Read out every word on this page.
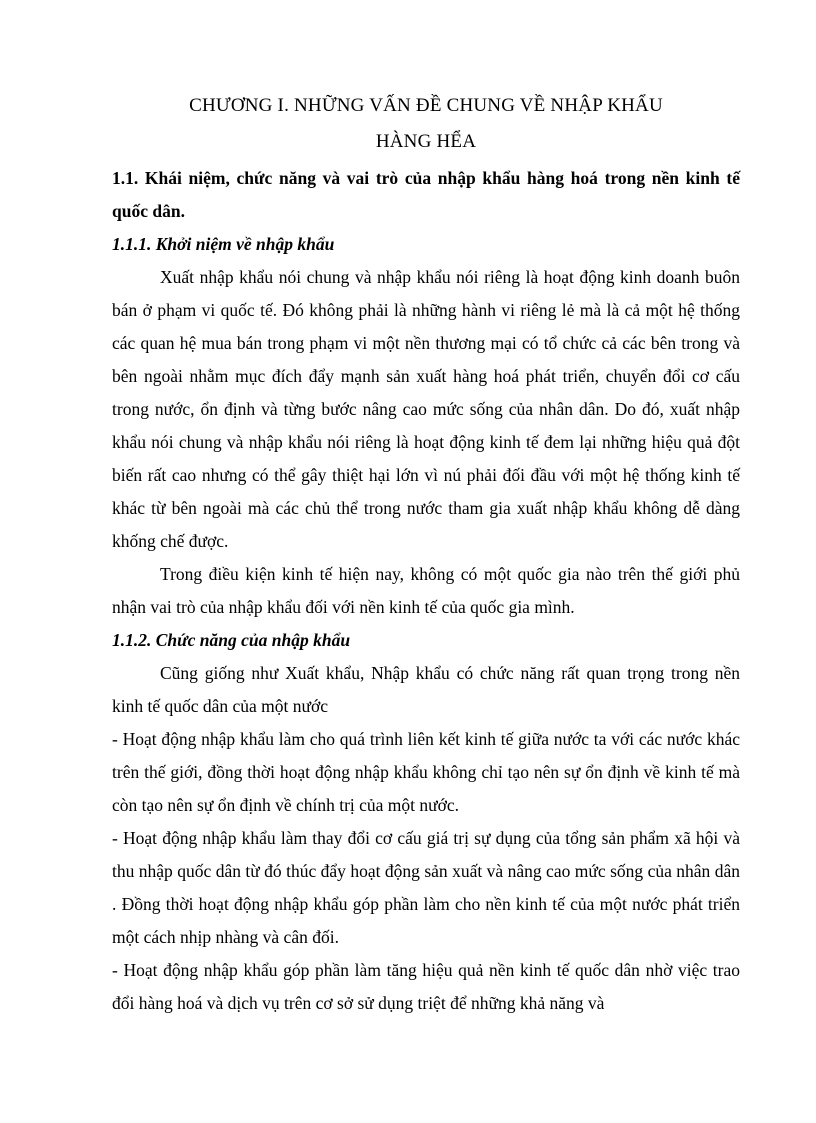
CHƯƠNG I. NHỮNG VẤN ĐỀ CHUNG VỀ NHẬP KHẨU

HÀNG HỂA

1.1. Khái niệm, chức năng và vai trò của nhập khẩu hàng hoá trong nền kinh tế quốc dân.

1.1.1. Khởi niệm về nhập khẩu

Xuất nhập khẩu nói chung và nhập khẩu nói riêng là hoạt động kinh doanh buôn bán ở phạm vi quốc tế. Đó không phải là những hành vi riêng lẻ mà là cả một hệ thống các quan hệ mua bán trong phạm vi một nền thương mại có tổ chức cả các bên trong và bên ngoài nhằm mục đích đẩy mạnh sản xuất hàng hoá phát triển, chuyển đổi cơ cấu trong nước, ổn định và từng bước nâng cao mức sống của nhân dân. Do đó, xuất nhập khẩu nói chung và nhập khẩu nói riêng là hoạt động kinh tế đem lại những hiệu quả đột biến rất cao nhưng có thể gây thiệt hại lớn vì nú phải đối đầu với một hệ thống kinh tế khác từ bên ngoài mà các chủ thể trong nước tham gia xuất nhập khẩu không dễ dàng khống chế được.

Trong điều kiện kinh tế hiện nay, không có một quốc gia nào trên thế giới phủ nhận vai trò của nhập khẩu đối với nền kinh tế của quốc gia mình.

1.1.2. Chức năng của nhập khẩu

Cũng giống như Xuất khẩu, Nhập khẩu có chức năng rất quan trọng trong nền kinh tế quốc dân của một nước

- Hoạt động nhập khẩu làm cho quá trình liên kết kinh tế giữa nước ta với các nước khác trên thế giới, đồng thời hoạt động nhập khẩu không chỉ tạo nên sự ổn định về kinh tế mà còn tạo nên sự ổn định về chính trị của một nước.

- Hoạt động nhập khẩu làm thay đổi cơ cấu giá trị sự dụng của tổng sản phẩm xã hội và thu nhập quốc dân từ đó thúc đẩy hoạt động sản xuất và nâng cao mức sống của nhân dân . Đồng thời hoạt động nhập khẩu góp phần làm cho nền kinh tế của một nước phát triển một cách nhịp nhàng và cân đối.

- Hoạt động nhập khẩu góp phần làm tăng hiệu quả nền kinh tế quốc dân nhờ việc trao đổi hàng hoá và dịch vụ trên cơ sở sử dụng triệt để những khả năng và
